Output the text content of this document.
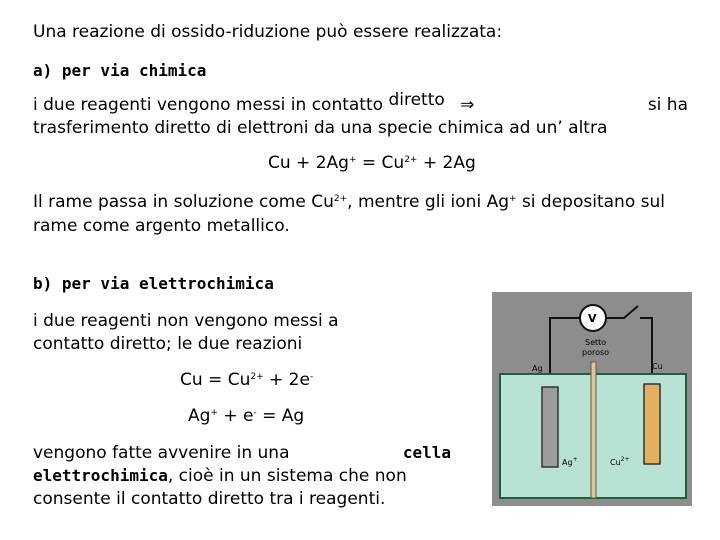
Una reazione di ossido-riduzione può essere realizzata:
a) per via chimica
i due reagenti vengono messi in contatto diretto ⇒	si ha
trasferimento diretto di elettroni da una specie chimica ad un’ altra
$Cu + 2Ag^+ = Cu^{2+} + 2Ag$
Il rame passa in soluzione come $Cu^{2+}$, mentre gli ioni Ag+ si depositano sul
rame come argento metallico.
b) per via elettrochimica
i due reagenti non vengono messi a
contatto diretto; le due reazioni
$Cu = Cu^{2+} + 2e^-$
Ag+ + e- = Ag
vengono fatte avvenire in una	cella
elettrochimica, cioè in un sistema che non
consente il contatto diretto tra i reagenti.
V
Setto
poroso
Ag	Cu
Ag+	$Cu^{2+}$
